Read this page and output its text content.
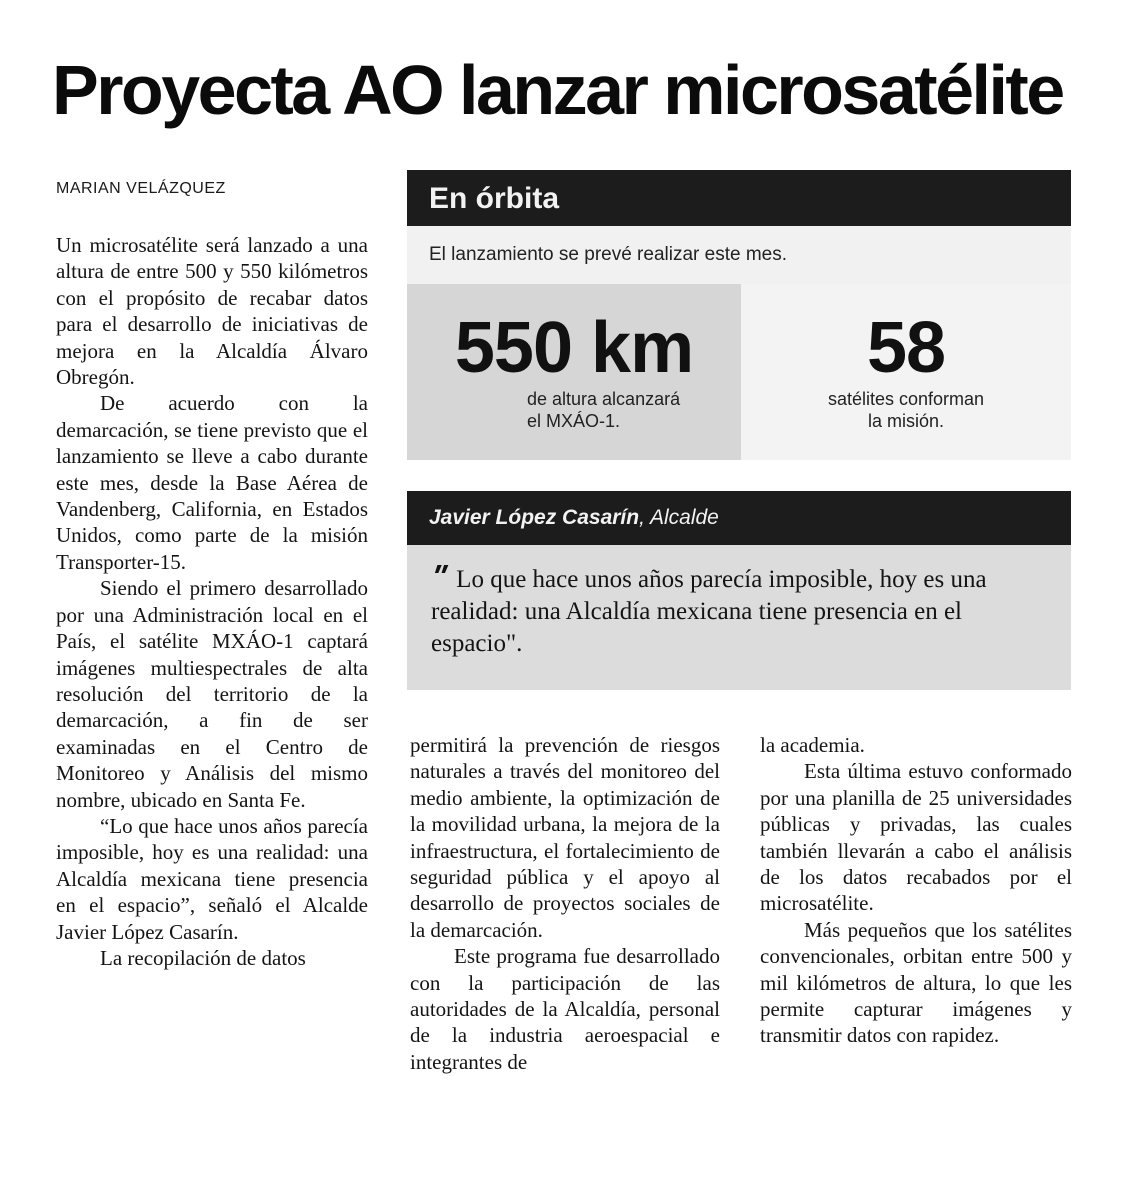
Proyecta AO lanzar microsatélite
MARIAN VELÁZQUEZ

Un microsatélite será lanzado a una altura de entre 500 y 550 kilómetros con el propósito de recabar datos para el desarrollo de iniciativas de mejora en la Alcaldía Álvaro Obregón.

De acuerdo con la demarcación, se tiene previsto que el lanzamiento se lleve a cabo durante este mes, desde la Base Aérea de Vandenberg, California, en Estados Unidos, como parte de la misión Transporter-15.

Siendo el primero desarrollado por una Administración local en el País, el satélite MXÁO-1 captará imágenes multiespectrales de alta resolución del territorio de la demarcación, a fin de ser examinadas en el Centro de Monitoreo y Análisis del mismo nombre, ubicado en Santa Fe.

“Lo que hace unos años parecía imposible, hoy es una realidad: una Alcaldía mexicana tiene presencia en el espacio”, señaló el Alcalde Javier López Casarín.

La recopilación de datos

En órbita
El lanzamiento se prevé realizar este mes.
550 km
de altura alcanzará
el MXÁO-1.
58
satélites conforman
la misión.
Javier López Casarín, Alcalde
" Lo que hace unos años parecía imposible, hoy es una realidad: una Alcaldía mexicana tiene presencia en el espacio".

permitirá la prevención de riesgos naturales a través del monitoreo del medio ambiente, la optimización de la movilidad urbana, la mejora de la infraestructura, el fortalecimiento de seguridad pública y el apoyo al desarrollo de proyectos sociales de la demarcación.

Este programa fue desarrollado con la participación de las autoridades de la Alcaldía, personal de la industria aeroespacial e integrantes de

la academia.

Esta última estuvo conformado por una planilla de 25 universidades públicas y privadas, las cuales también llevarán a cabo el análisis de los datos recabados por el microsatélite.

Más pequeños que los satélites convencionales, orbitan entre 500 y mil kilómetros de altura, lo que les permite capturar imágenes y transmitir datos con rapidez.
